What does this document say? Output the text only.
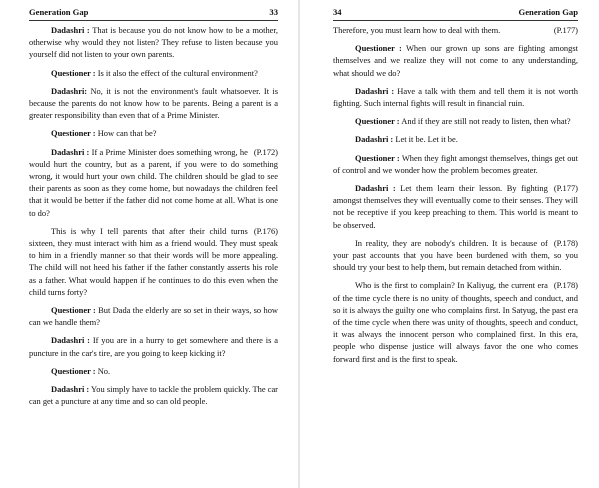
Generation Gap	33

Dadashri : That is because you do not know how to be a mother, otherwise why would they not listen? They refuse to listen because you yourself did not listen to your own parents.

Questioner : Is it also the effect of the cultural environment?

Dadashri: No, it is not the environment's fault whatsoever. It is because the parents do not know how to be parents. Being a parent is a greater responsibility than even that of a Prime Minister.

Questioner : How can that be?

(P.172)
Dadashri : If a Prime Minister does something wrong, he would hurt the country, but as a parent, if you were to do something wrong, it would hurt your own child. The children should be glad to see their parents as soon as they come home, but nowadays the children feel that it would be better if the father did not come home at all. What is one to do?

(P.176)
This is why I tell parents that after their child turns sixteen, they must interact with him as a friend would. They must speak to him in a friendly manner so that their words will be more appealing. The child will not heed his father if the father constantly asserts his role as a father. What would happen if he continues to do this even when the child turns forty?

Questioner : But Dada the elderly are so set in their ways, so how can we handle them?

Dadashri : If you are in a hurry to get somewhere and there is a puncture in the car's tire, are you going to keep kicking it?

Questioner : No.

Dadashri : You simply have to tackle the problem quickly. The car can get a puncture at any time and so can old people.

34	Generation Gap

(P.177)
Therefore, you must learn how to deal with them.

Questioner : When our grown up sons are fighting amongst themselves and we realize they will not come to any understanding, what should we do?

Dadashri : Have a talk with them and tell them it is not worth fighting. Such internal fights will result in financial ruin.

Questioner : And if they are still not ready to listen, then what?

Dadashri : Let it be. Let it be.

Questioner : When they fight amongst themselves, things get out of control and we wonder how the problem becomes greater.

(P.177)
Dadashri : Let them learn their lesson. By fighting amongst themselves they will eventually come to their senses. They will not be receptive if you keep preaching to them. This world is meant to be observed.

(P.178)
In reality, they are nobody's children. It is because of your past accounts that you have been burdened with them, so you should try your best to help them, but remain detached from within.

(P.178)
Who is the first to complain? In Kaliyug, the current era of the time cycle there is no unity of thoughts, speech and conduct, and so it is always the guilty one who complains first. In Satyug, the past era of the time cycle when there was unity of thoughts, speech and conduct, it was always the innocent person who complained first. In this era, people who dispense justice will always favor the one who comes forward first and is the first to speak.
